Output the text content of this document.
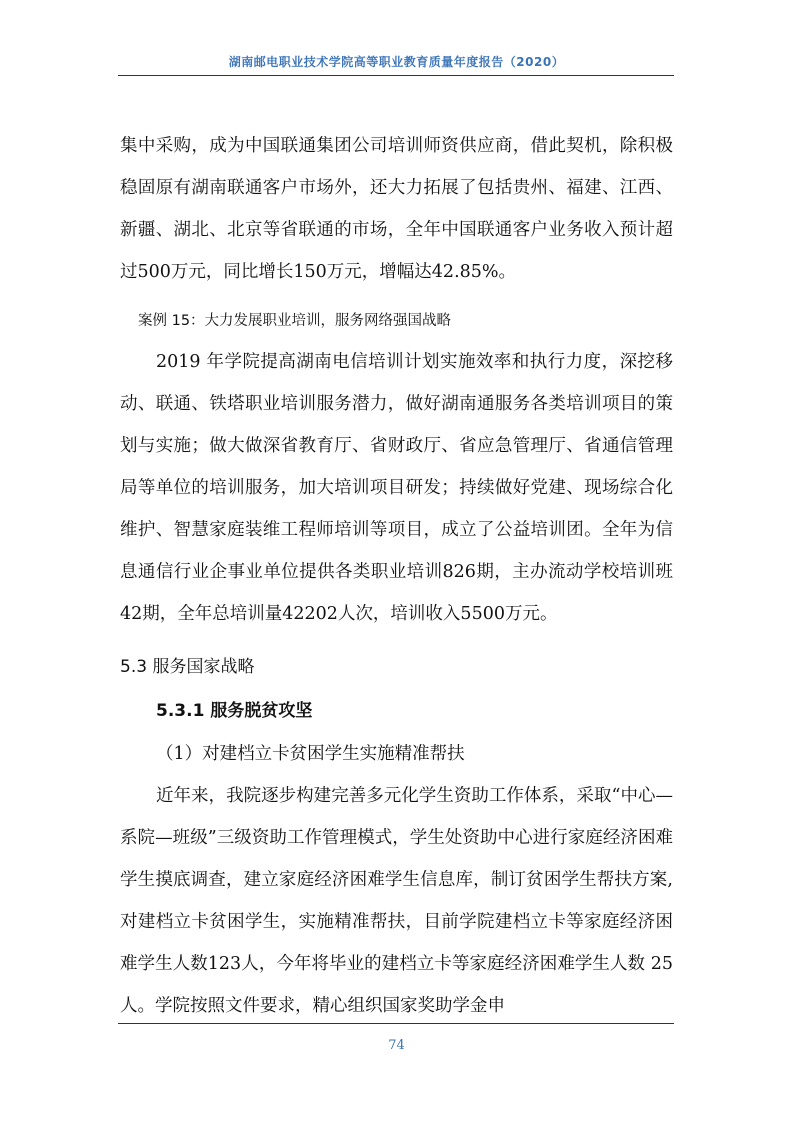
湖南邮电职业技术学院高等职业教育质量年度报告（2020）

集中采购，成为中国联通集团公司培训师资供应商，借此契机，除积极稳固原有湖南联通客户市场外，还大力拓展了包括贵州、福建、江西、新疆、湖北、北京等省联通的市场，全年中国联通客户业务收入预计超过500万元，同比增长150万元，增幅达42.85%。

案例 15：大力发展职业培训，服务网络强国战略

2019 年学院提高湖南电信培训计划实施效率和执行力度，深挖移动、联通、铁塔职业培训服务潜力，做好湖南通服务各类培训项目的策划与实施；做大做深省教育厅、省财政厅、省应急管理厅、省通信管理局等单位的培训服务，加大培训项目研发；持续做好党建、现场综合化维护、智慧家庭装维工程师培训等项目，成立了公益培训团。全年为信息通信行业企事业单位提供各类职业培训826期，主办流动学校培训班42期，全年总培训量42202人次，培训收入5500万元。

5.3 服务国家战略

5.3.1 服务脱贫攻坚

（1）对建档立卡贫困学生实施精准帮扶

近年来，我院逐步构建完善多元化学生资助工作体系，采取“中心—系院—班级”三级资助工作管理模式，学生处资助中心进行家庭经济困难学生摸底调查，建立家庭经济困难学生信息库，制订贫困学生帮扶方案,对建档立卡贫困学生，实施精准帮扶，目前学院建档立卡等家庭经济困难学生人数123人，今年将毕业的建档立卡等家庭经济困难学生人数 25 人。学院按照文件要求，精心组织国家奖助学金申

74
